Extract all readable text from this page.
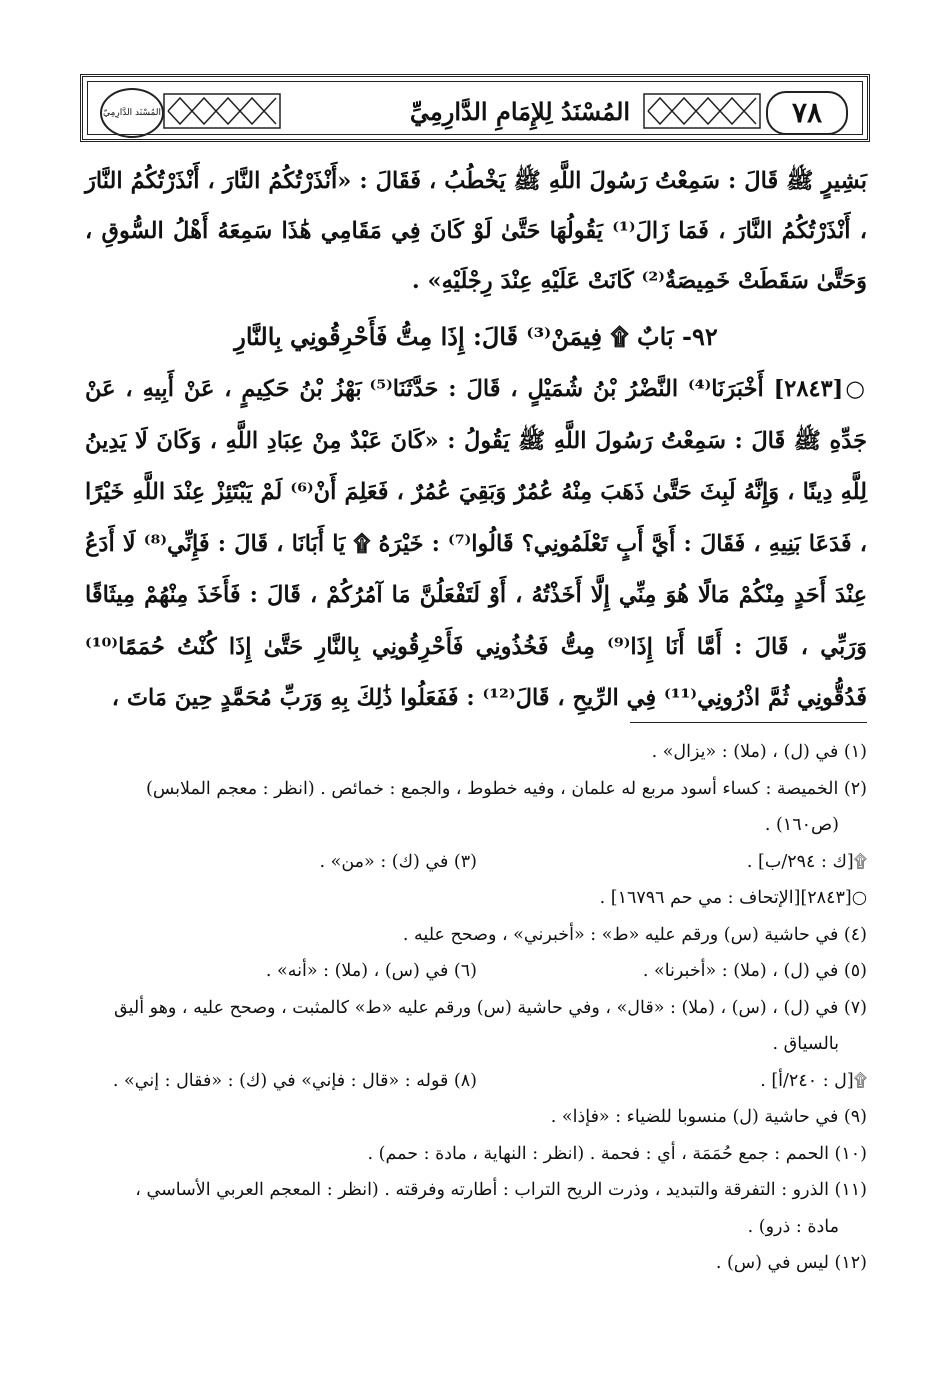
المُسْنَد الدَّارِمِيّ	المُسْنَدُ لِلإِمَامِ الدَّارِمِيِّ	٧٨

بَشِيرٍ ﷺ قَالَ : سَمِعْتُ رَسُولَ اللَّهِ ﷺ يَخْطُبُ ، فَقَالَ : «أَنْذَرْتُكُمُ النَّارَ ، أَنْذَرْتُكُمُ النَّارَ ، أَنْذَرْتُكُمُ النَّارَ ، فَمَا زَالَ⁽¹⁾ يَقُولُهَا حَتَّىٰ لَوْ كَانَ فِي مَقَامِي هَٰذَا سَمِعَهُ أَهْلُ السُّوقِ ، وَحَتَّىٰ سَقَطَتْ خَمِيصَةٌ⁽²⁾ كَانَتْ عَلَيْهِ عِنْدَ رِجْلَيْهِ» .

٩٢- بَابٌ ۩ فِيمَنْ⁽³⁾ قَالَ: إِذَا مِتُّ فَأَحْرِقُونِي بِالنَّارِ

○[٢٨٤٣] أَخْبَرَنَا⁽⁴⁾ النَّضْرُ بْنُ شُمَيْلٍ ، قَالَ : حَدَّثَنَا⁽⁵⁾ بَهْزُ بْنُ حَكِيمٍ ، عَنْ أَبِيهِ ، عَنْ جَدِّهِ ﷺ قَالَ : سَمِعْتُ رَسُولَ اللَّهِ ﷺ يَقُولُ : «كَانَ عَبْدٌ مِنْ عِبَادِ اللَّهِ ، وَكَانَ لَا يَدِينُ لِلَّهِ دِينًا ، وَإِنَّهُ لَبِثَ حَتَّىٰ ذَهَبَ مِنْهُ عُمُرٌ وَبَقِيَ عُمُرٌ ، فَعَلِمَ أَنْ⁽⁶⁾ لَمْ يَبْتَئِزْ عِنْدَ اللَّهِ خَيْرًا ، فَدَعَا بَنِيهِ ، فَقَالَ : أَيَّ أَبٍ تَعْلَمُونِي؟ قَالُوا⁽⁷⁾ : خَيْرَهُ ۩ يَا أَبَانَا ، قَالَ : فَإِنِّي⁽⁸⁾ لَا أَدَعُ عِنْدَ أَحَدٍ مِنْكُمْ مَالًا هُوَ مِنِّي إِلَّا أَخَذْتُهُ ، أَوْ لَتَفْعَلُنَّ مَا آمُرُكُمْ ، قَالَ : فَأَخَذَ مِنْهُمْ مِيثَاقًا وَرَبِّي ، قَالَ : أَمَّا أَنَا إِذَا⁽⁹⁾ مِتُّ فَخُذُونِي فَأَحْرِقُونِي بِالنَّارِ حَتَّىٰ إِذَا كُنْتُ حُمَمًا⁽¹⁰⁾ فَدُقُّونِي ثُمَّ اذْرُونِي⁽¹¹⁾ فِي الرِّيحِ ، قَالَ⁽¹²⁾ : فَفَعَلُوا ذَٰلِكَ بِهِ وَرَبِّ مُحَمَّدٍ حِينَ مَاتَ ،

(١) في (ل) ، (ملا) : «يزال» .

(٢) الخميصة : كساء أسود مربع له علمان ، وفيه خطوط ، والجمع : خمائص . (انظر : معجم الملابس)

(ص١٦٠) .

۩[ك : ٢٩٤/ب] .
(٣) في (ك) : «من» .

○[٢٨٤٣][الإتحاف : مي حم ١٦٧٩٦] .

(٤) في حاشية (س) ورقم عليه «ط» : «أخبرني» ، وصحح عليه .

(٥) في (ل) ، (ملا) : «أخبرنا» .
(٦) في (س) ، (ملا) : «أنه» .

(٧) في (ل) ، (س) ، (ملا) : «قال» ، وفي حاشية (س) ورقم عليه «ط» كالمثبت ، وصحح عليه ، وهو أليق

بالسياق .

۩[ل : ٢٤٠/أ] .
(٨) قوله : «قال : فإني» في (ك) : «فقال : إني» .

(٩) في حاشية (ل) منسوبا للضياء : «فإذا» .

(١٠) الحمم : جمع حُمَمَة ، أي : فحمة . (انظر : النهاية ، مادة : حمم) .

(١١) الذرو : التفرقة والتبديد ، وذرت الريح التراب : أطارته وفرقته . (انظر : المعجم العربي الأساسي ،

مادة : ذرو) .

(١٢) ليس في (س) .
